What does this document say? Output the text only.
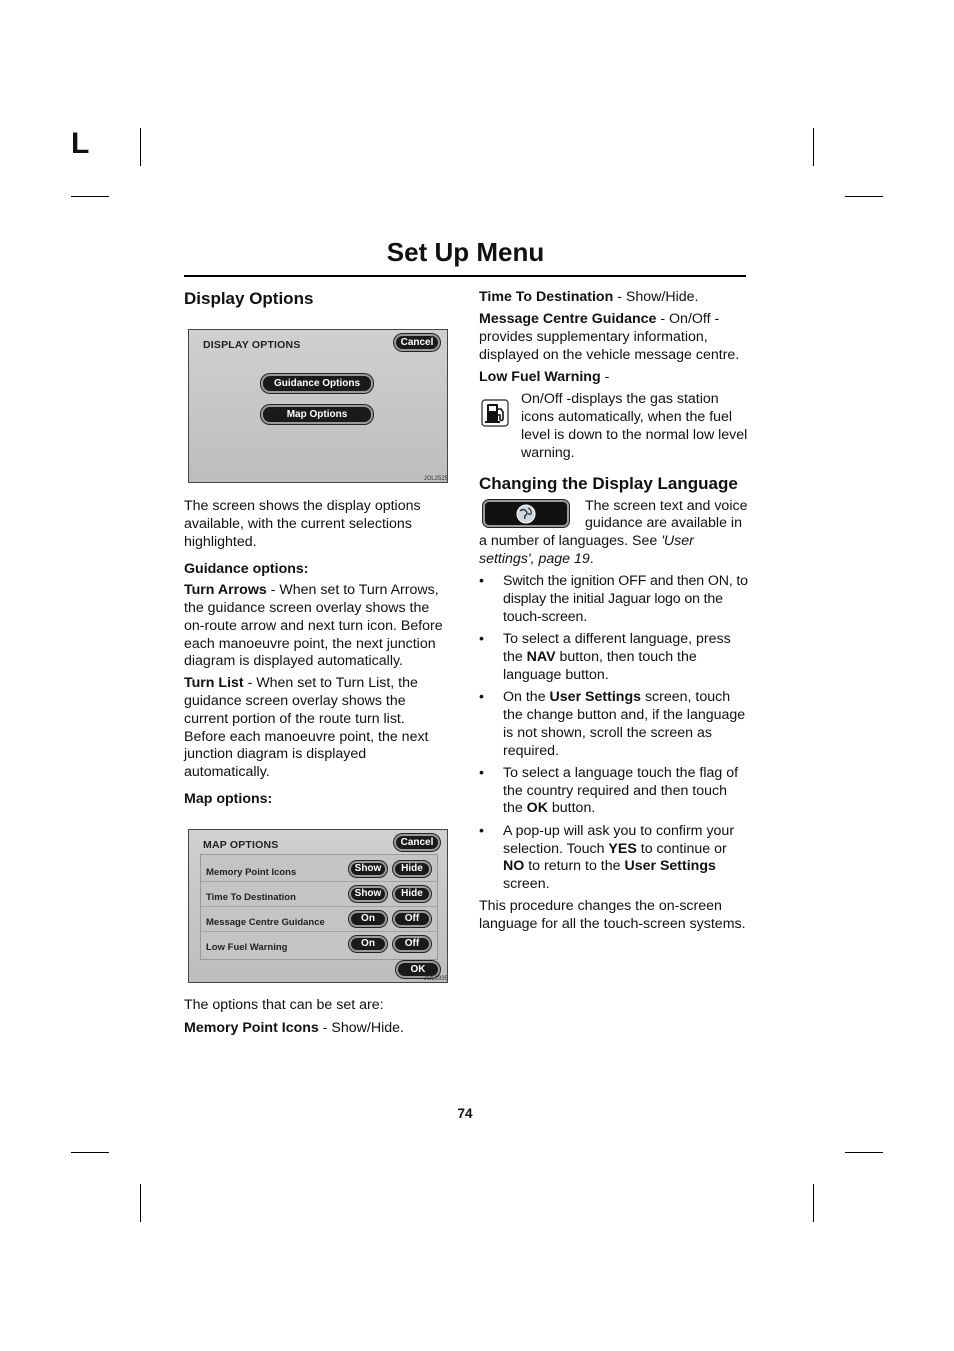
L
Set Up Menu
Display Options
DISPLAY OPTIONS	Cancel
Guidance Options
Map Options
JOL2525

The screen shows the display options available, with the current selections highlighted.

Guidance options:

Turn Arrows - When set to Turn Arrows, the guidance screen overlay shows the on-route arrow and next turn icon. Before each manoeuvre point, the next junction diagram is displayed automatically.

Turn List - When set to Turn List, the guidance screen overlay shows the current portion of the route turn list. Before each manoeuvre point, the next junction diagram is displayed automatically.

Map options:

MAP OPTIONS	Cancel
Memory Point Icons	Show	Hide
Time To Destination	Show	Hide
Message Centre Guidance	On	Off
Low Fuel Warning	On	Off
OK
JOL1935

The options that can be set are:

Memory Point Icons - Show/Hide.

Time To Destination - Show/Hide.

Message Centre Guidance - On/Off - provides supplementary information, displayed on the vehicle message centre.

Low Fuel Warning -

On/Off -displays the gas station icons automatically, when the fuel level is down to the normal low level warning.

Changing the Display Language

The screen text and voice guidance are available in a number of languages. See 'User settings', page 19.

• Switch the ignition OFF and then ON, to display the initial Jaguar logo on the touch-screen.
• To select a different language, press the NAV button, then touch the language button.
• On the User Settings screen, touch the change button and, if the language is not shown, scroll the screen as required.
• To select a language touch the flag of the country required and then touch the OK button.
• A pop-up will ask you to confirm your selection. Touch YES to continue or NO to return to the User Settings screen.

This procedure changes the on-screen language for all the touch-screen systems.

74
